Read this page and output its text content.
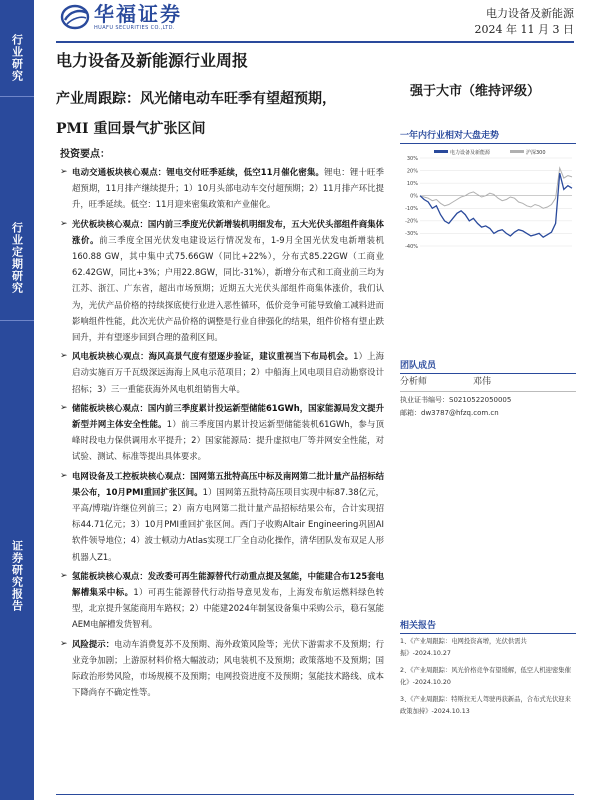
行业研究
行业定期研究
证券研究报告
华福证券
HUAFU SECURITIES CO.,LTD.
电力设备及新能源
2024 年 11 月 3 日
电力设备及新能源行业周报
产业周跟踪：风光储电动车旺季有望超预期，
PMI 重回景气扩张区间
强于大市（维持评级）
投资要点：
➢ 电动交通板块核心观点：锂电交付旺季延续，低空11月催化密集。锂电：锂十旺季超预期，11月排产继续提升；1）10月头部电动车交付超预期；2）11月排产环比提升，旺季延续。低空：11月迎来密集政策和产业催化。
➢ 光伏板块核心观点：国内前三季度光伏新增装机明细发布，五大光伏头部组件商集体涨价。前三季度全国光伏发电建设运行情况发布，1-9月全国光伏发电新增装机160.88 GW，其中集中式75.66GW（同比+22%），分布式85.22GW（工商业62.42GW，同比+3%；户用22.8GW，同比-31%），新增分布式和工商业前三均为江苏、浙江、广东省，超出市场预期；近期五大光伏头部组件商集体涨价，我们认为，光伏产品价格的持续探底使行业进入恶性循环，低价竞争可能导致偷工减料进而影响组件性能，此次光伏产品价格的调整是行业自律强化的结果，组件价格有望止跌回升，并有望逐步回到合理的盈利区间。
➢ 风电板块核心观点：海风高景气度有望逐步验证，建议重视当下布局机会。1）上海启动实施百万千瓦级深远海海上风电示范项目；2）中船海上风电项目启动勘察设计招标；3）三一重能获海外风电机组销售大单。
➢ 储能板块核心观点：国内前三季度累计投运新型储能61GWh，国家能源局发文提升新型并网主体安全性能。1）前三季度国内累计投运新型储能装机61GWh，参与顶峰时段电力保供调用水平提升；2）国家能源局：提升虚拟电厂等并网安全性能，对试验、测试、标准等提出具体要求。
➢ 电网设备及工控板块核心观点：国网第五批特高压中标及南网第二批计量产品招标结果公布，10月PMI重回扩张区间。1）国网第五批特高压项目实现中标87.38亿元，平高/博瑞/许继位列前三；2）南方电网第二批计量产品招标结果公布，合计实现招标44.71亿元；3）10月PMI重回扩张区间。西门子收购Altair Engineering巩固AI软件领导地位；4）波士顿动力Atlas实现工厂全自动化操作，清华团队发布双足人形机器人Z1。
➢ 氢能板块核心观点：发改委可再生能源替代行动重点提及氢能，中能建合布125套电解槽集采中标。1）可再生能源替代行动指导意见发布，上海发布航运燃料绿色转型，北京提升氢能商用车路权；2）中能建2024年制氢设备集中采购公示，稳石氢能AEM电解槽发货智利。
➢ 风险提示：电动车消费复苏不及预期、海外政策风险等；光伏下游需求不及预期；行业竞争加剧；上游原材料价格大幅波动；风电装机不及预期；政策落地不及预期；国际政治形势风险，市场规模不及预期；电网投资进度不及预期；氢能技术路线、成本下降尚存不确定性等。
一年内行业相对大盘走势
30%
20%
10%
0%
-10%
-20%
-30%
-40%
电力设备及新能源	沪深300
团队成员
分析师	邓伟
执业证书编号：S0210522050005
邮箱：dw3787@hfzq.com.cn
相关报告
1、《产业周跟踪：电网投资高增，光伏供需共振》-2024.10.27
2、《产业周跟踪：风光价格竞争有望缓解，低空人机迎密集催化》-2024.10.20
3、《产业周跟踪：特斯拉无人驾驶再获新品，合布式光伏迎来政策加持》-2024.10.13
